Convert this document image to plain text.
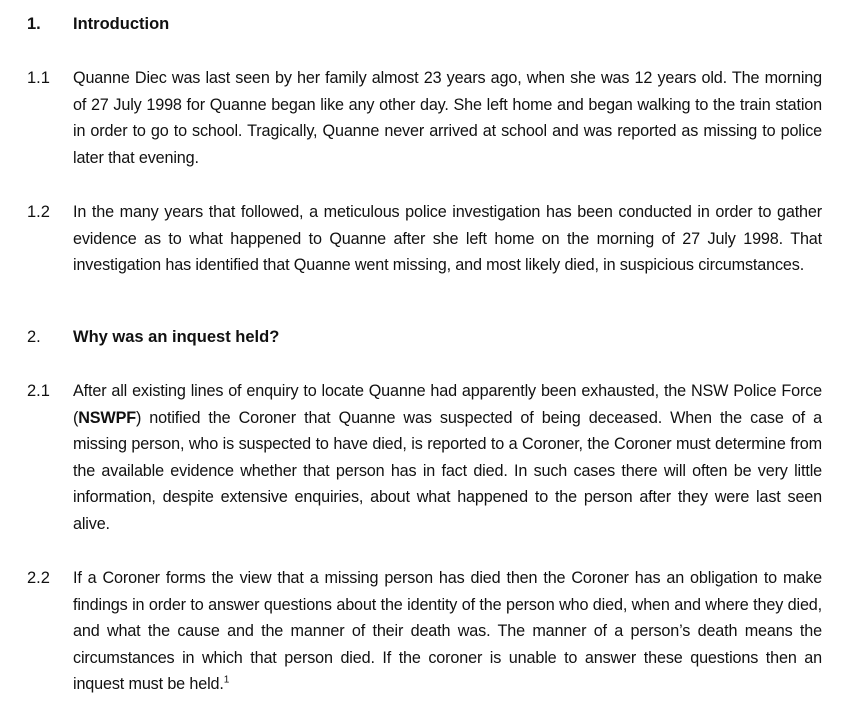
1. Introduction
1.1 Quanne Diec was last seen by her family almost 23 years ago, when she was 12 years old. The morning of 27 July 1998 for Quanne began like any other day. She left home and began walking to the train station in order to go to school. Tragically, Quanne never arrived at school and was reported as missing to police later that evening.
1.2 In the many years that followed, a meticulous police investigation has been conducted in order to gather evidence as to what happened to Quanne after she left home on the morning of 27 July 1998. That investigation has identified that Quanne went missing, and most likely died, in suspicious circumstances.
2. Why was an inquest held?
2.1 After all existing lines of enquiry to locate Quanne had apparently been exhausted, the NSW Police Force (NSWPF) notified the Coroner that Quanne was suspected of being deceased. When the case of a missing person, who is suspected to have died, is reported to a Coroner, the Coroner must determine from the available evidence whether that person has in fact died. In such cases there will often be very little information, despite extensive enquiries, about what happened to the person after they were last seen alive.
2.2 If a Coroner forms the view that a missing person has died then the Coroner has an obligation to make findings in order to answer questions about the identity of the person who died, when and where they died, and what the cause and the manner of their death was. The manner of a person’s death means the circumstances in which that person died. If the coroner is unable to answer these questions then an inquest must be held.$^1$
